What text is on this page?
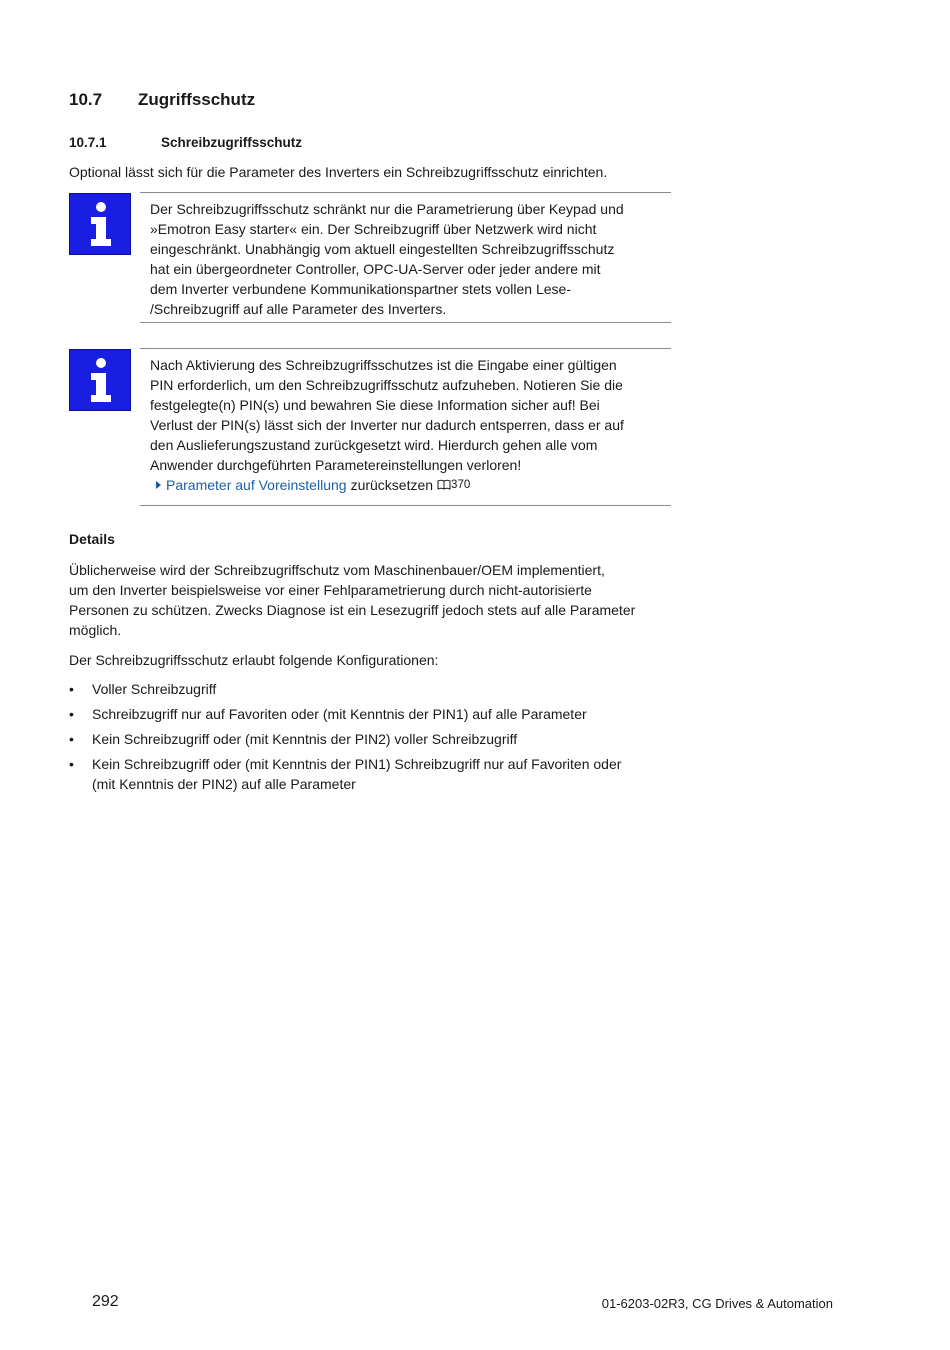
10.7	Zugriffsschutz
10.7.1	Schreibzugriffsschutz

Optional lässt sich für die Parameter des Inverters ein Schreibzugriffsschutz einrichten.

Der Schreibzugriffsschutz schränkt nur die Parametrierung über Keypad und
»Emotron Easy starter« ein. Der Schreibzugriff über Netzwerk wird nicht
eingeschränkt. Unabhängig vom aktuell eingestellten Schreibzugriffsschutz
hat ein übergeordneter Controller, OPC-UA-Server oder jeder andere mit
dem Inverter verbundene Kommunikationspartner stets vollen Lese-
/Schreibzugriff auf alle Parameter des Inverters.

Nach Aktivierung des Schreibzugriffsschutzes ist die Eingabe einer gültigen
PIN erforderlich, um den Schreibzugriffsschutz aufzuheben. Notieren Sie die
festgelegte(n) PIN(s) und bewahren Sie diese Information sicher auf! Bei
Verlust der PIN(s) lässt sich der Inverter nur dadurch entsperren, dass er auf
den Auslieferungszustand zurückgesetzt wird. Hierdurch gehen alle vom
Anwender durchgeführten Parametereinstellungen verloren!

Parameter auf Voreinstellung zurücksetzen 370
Details

Üblicherweise wird der Schreibzugriffschutz vom Maschinenbauer/OEM implementiert,
um den Inverter beispielsweise vor einer Fehlparametrierung durch nicht-autorisierte
Personen zu schützen. Zwecks Diagnose ist ein Lesezugriff jedoch stets auf alle Parameter
möglich.

Der Schreibzugriffsschutz erlaubt folgende Konfigurationen:

•	Voller Schreibzugriff
•	Schreibzugriff nur auf Favoriten oder (mit Kenntnis der PIN1) auf alle Parameter
•	Kein Schreibzugriff oder (mit Kenntnis der PIN2) voller Schreibzugriff
•	Kein Schreibzugriff oder (mit Kenntnis der PIN1) Schreibzugriff nur auf Favoriten oder
(mit Kenntnis der PIN2) auf alle Parameter
292	01-6203-02R3, CG Drives & Automation
